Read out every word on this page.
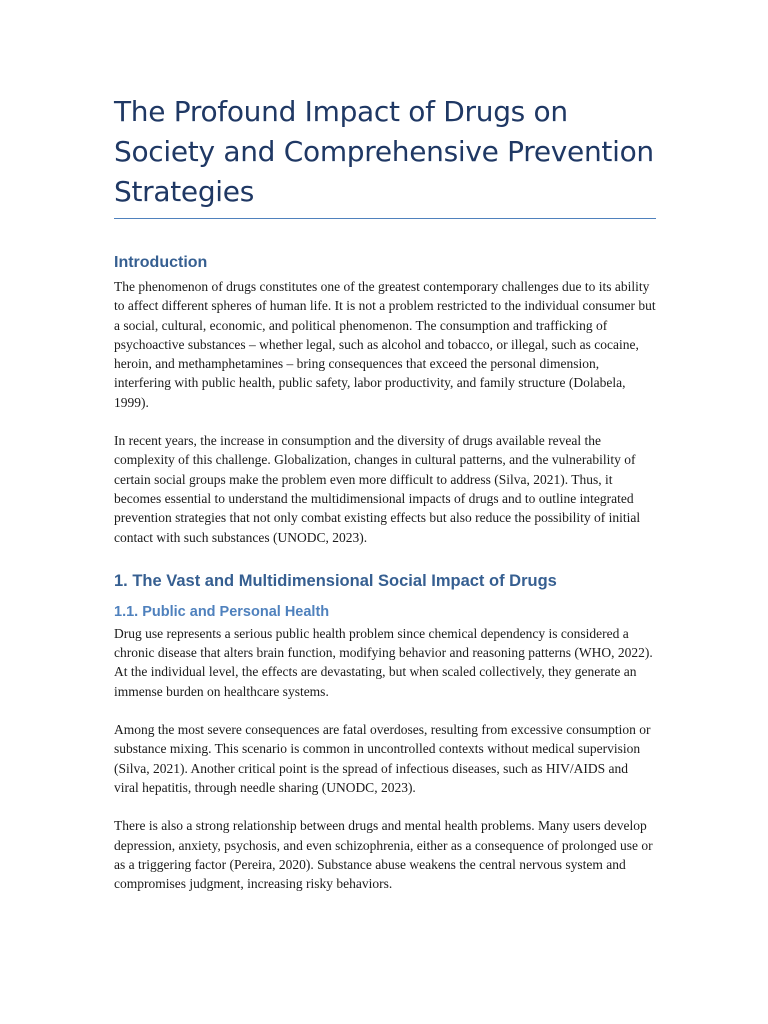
The Profound Impact of Drugs on Society and Comprehensive Prevention Strategies
Introduction

The phenomenon of drugs constitutes one of the greatest contemporary challenges due to its ability to affect different spheres of human life. It is not a problem restricted to the individual consumer but a social, cultural, economic, and political phenomenon. The consumption and trafficking of psychoactive substances – whether legal, such as alcohol and tobacco, or illegal, such as cocaine, heroin, and methamphetamines – bring consequences that exceed the personal dimension, interfering with public health, public safety, labor productivity, and family structure (Dolabela, 1999).

In recent years, the increase in consumption and the diversity of drugs available reveal the complexity of this challenge. Globalization, changes in cultural patterns, and the vulnerability of certain social groups make the problem even more difficult to address (Silva, 2021). Thus, it becomes essential to understand the multidimensional impacts of drugs and to outline integrated prevention strategies that not only combat existing effects but also reduce the possibility of initial contact with such substances (UNODC, 2023).

1. The Vast and Multidimensional Social Impact of Drugs
1.1. Public and Personal Health

Drug use represents a serious public health problem since chemical dependency is considered a chronic disease that alters brain function, modifying behavior and reasoning patterns (WHO, 2022). At the individual level, the effects are devastating, but when scaled collectively, they generate an immense burden on healthcare systems.

Among the most severe consequences are fatal overdoses, resulting from excessive consumption or substance mixing. This scenario is common in uncontrolled contexts without medical supervision (Silva, 2021). Another critical point is the spread of infectious diseases, such as HIV/AIDS and viral hepatitis, through needle sharing (UNODC, 2023).

There is also a strong relationship between drugs and mental health problems. Many users develop depression, anxiety, psychosis, and even schizophrenia, either as a consequence of prolonged use or as a triggering factor (Pereira, 2020). Substance abuse weakens the central nervous system and compromises judgment, increasing risky behaviors.
